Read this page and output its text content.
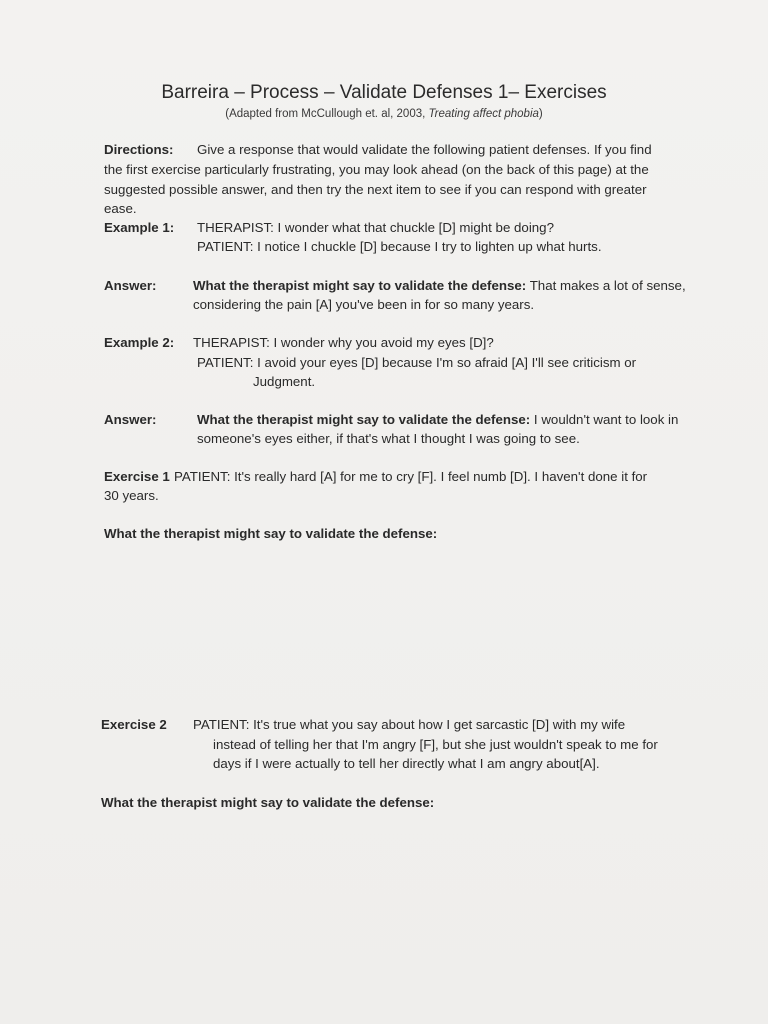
Barreira – Process – Validate Defenses 1– Exercises
(Adapted from McCullough et. al, 2003, Treating affect phobia)
Directions: Give a response that would validate the following patient defenses. If you find
the first exercise particularly frustrating, you may look ahead (on the back of this page) at the
suggested possible answer, and then try the next item to see if you can respond with greater
ease.
Example 1: THERAPIST: I wonder what that chuckle [D] might be doing?
PATIENT: I notice I chuckle [D] because I try to lighten up what hurts.
Answer:	What the therapist might say to validate the defense: That makes a lot of sense,
considering the pain [A] you've been in for so many years.
Example 2: THERAPIST: I wonder why you avoid my eyes [D]?
PATIENT: I avoid your eyes [D] because I'm so afraid [A] I'll see criticism or
Judgment.
Answer:	What the therapist might say to validate the defense: I wouldn't want to look in
someone's eyes either, if that's what I thought I was going to see.
Exercise 1 PATIENT: It's really hard [A] for me to cry [F]. I feel numb [D]. I haven't done it for
30 years.
What the therapist might say to validate the defense:
Exercise 2 PATIENT: It's true what you say about how I get sarcastic [D] with my wife
instead of telling her that I'm angry [F], but she just wouldn't speak to me for
days if I were actually to tell her directly what I am angry about[A].
What the therapist might say to validate the defense:
